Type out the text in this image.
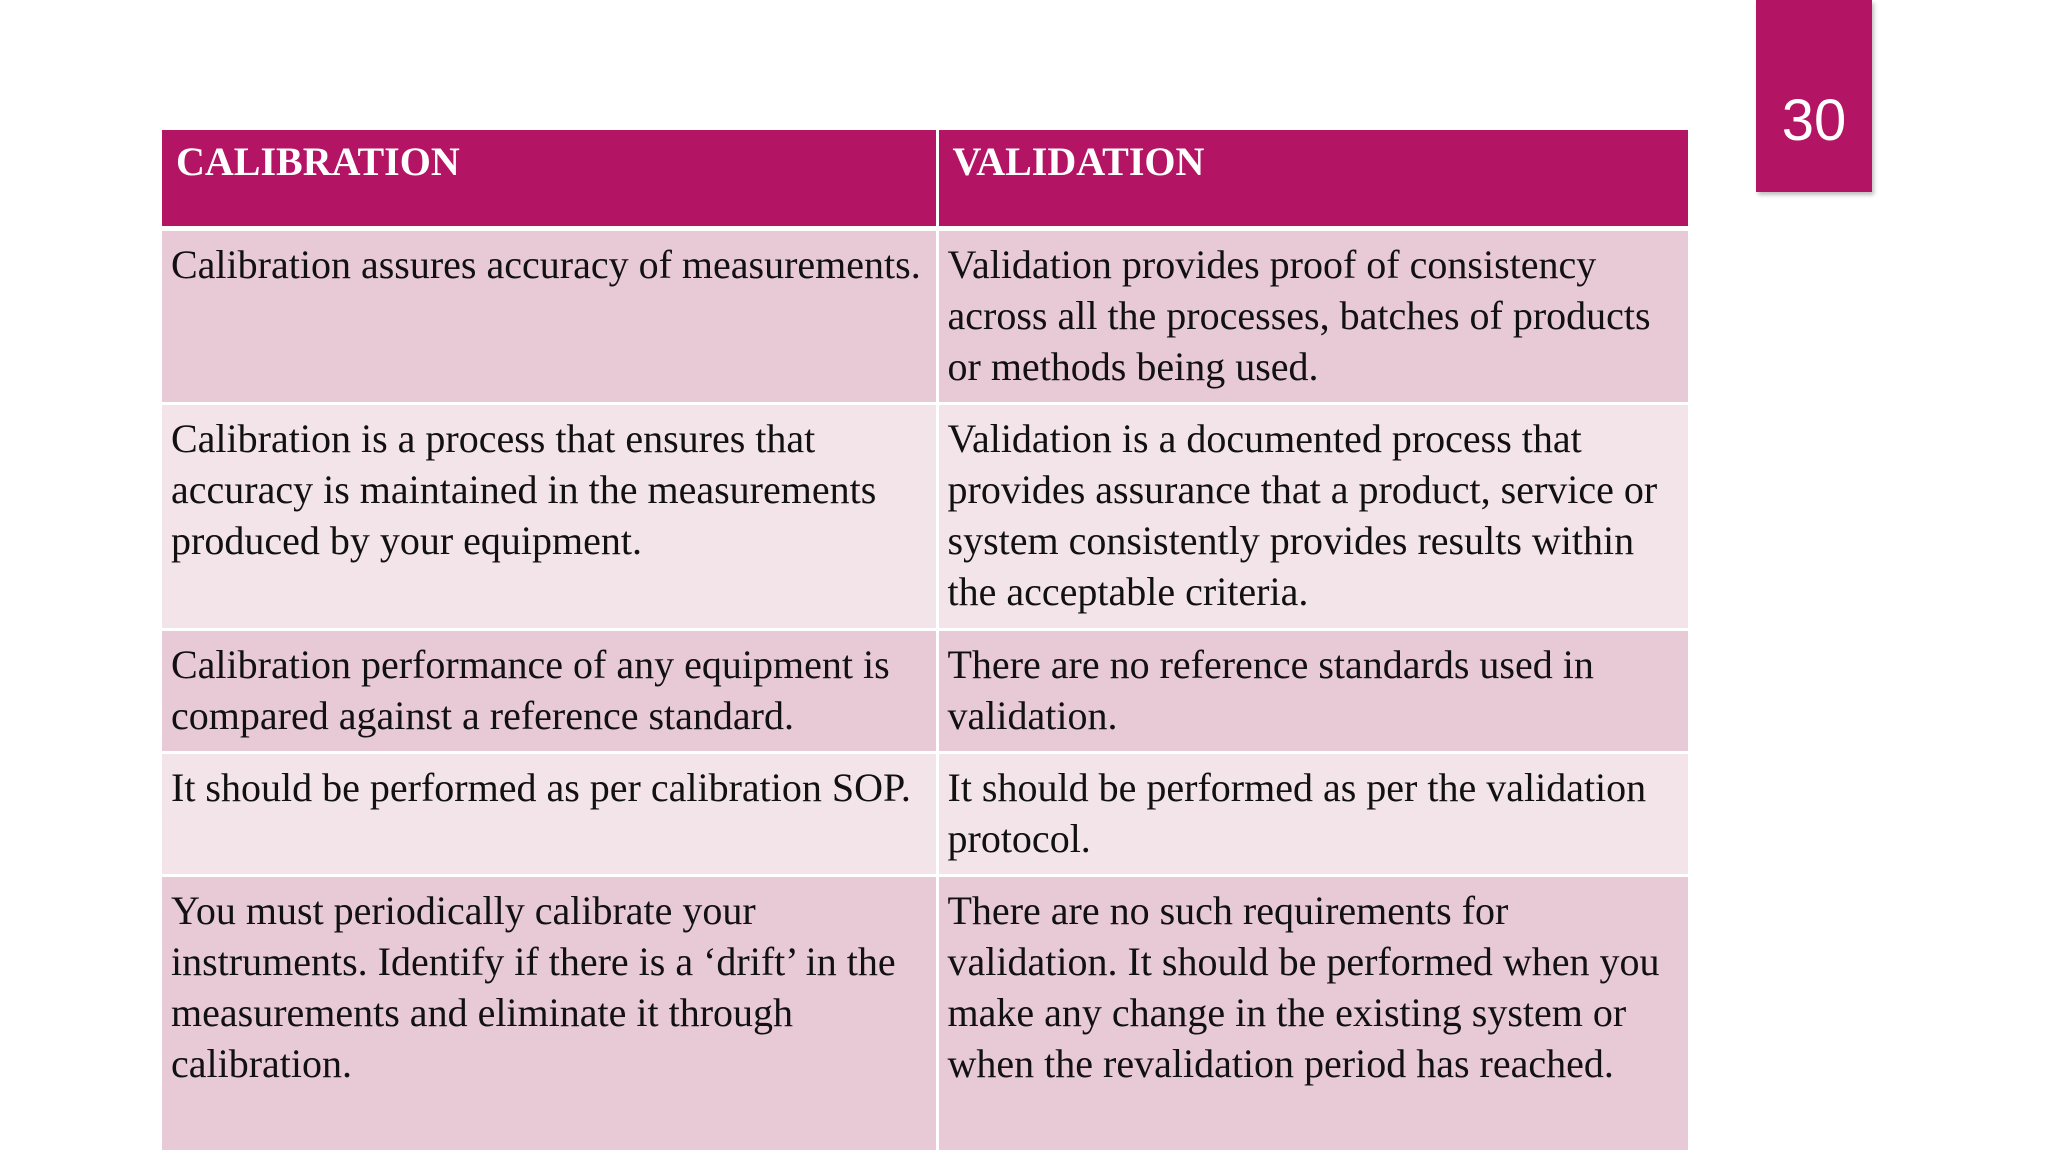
30
CALIBRATION	VALIDATION
Calibration assures accuracy of measurements.	Validation provides proof of consistency across all the processes, batches of products or methods being used.
Calibration is a process that ensures that accuracy is maintained in the measurements produced by your equipment.	Validation is a documented process that provides assurance that a product, service or system consistently provides results within the acceptable criteria.
Calibration performance of any equipment is compared against a reference standard.	There are no reference standards used in validation.
It should be performed as per calibration SOP.	It should be performed as per the validation protocol.
You must periodically calibrate your instruments. Identify if there is a ‘drift’ in the measurements and eliminate it through calibration.	There are no such requirements for validation. It should be performed when you make any change in the existing system or when the revalidation period has reached.
